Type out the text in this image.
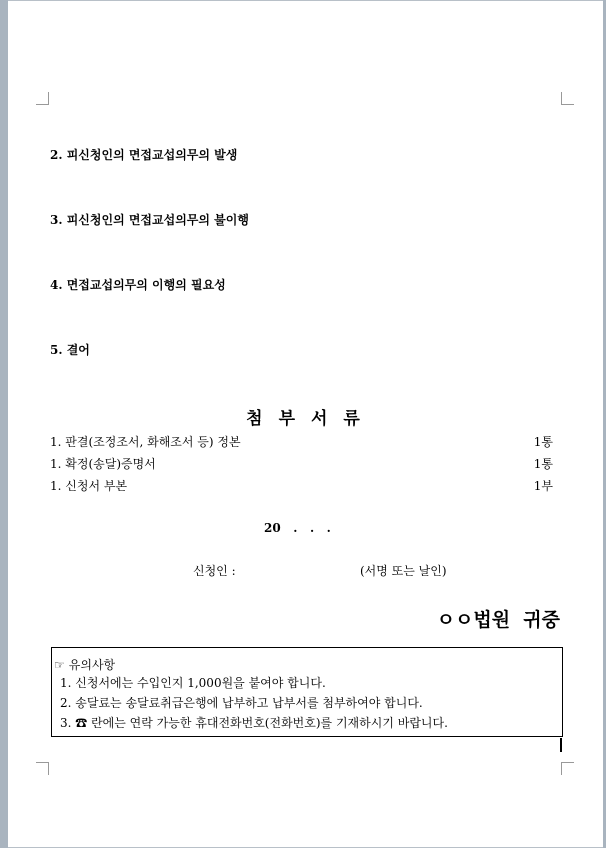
2. 피신청인의 면접교섭의무의 발생
3. 피신청인의 면접교섭의무의 불이행
4. 면접교섭의무의 이행의 필요성
5. 결어
첨부서류
1. 판결(조정조서, 화해조서 등) 정본	1통
1. 확정(송달)증명서	1통
1. 신청서 부본	1부
20   .   .   .
신청인 :	(서명 또는 날인)
ㅇㅇ법원  귀중
☞ 유의사항
1. 신청서에는 수입인지 1,000원을 붙여야 합니다.
2. 송달료는 송달료취급은행에 납부하고 납부서를 첨부하여야 합니다.
3. ☎ 란에는 연락 가능한 휴대전화번호(전화번호)를 기재하시기 바랍니다.
